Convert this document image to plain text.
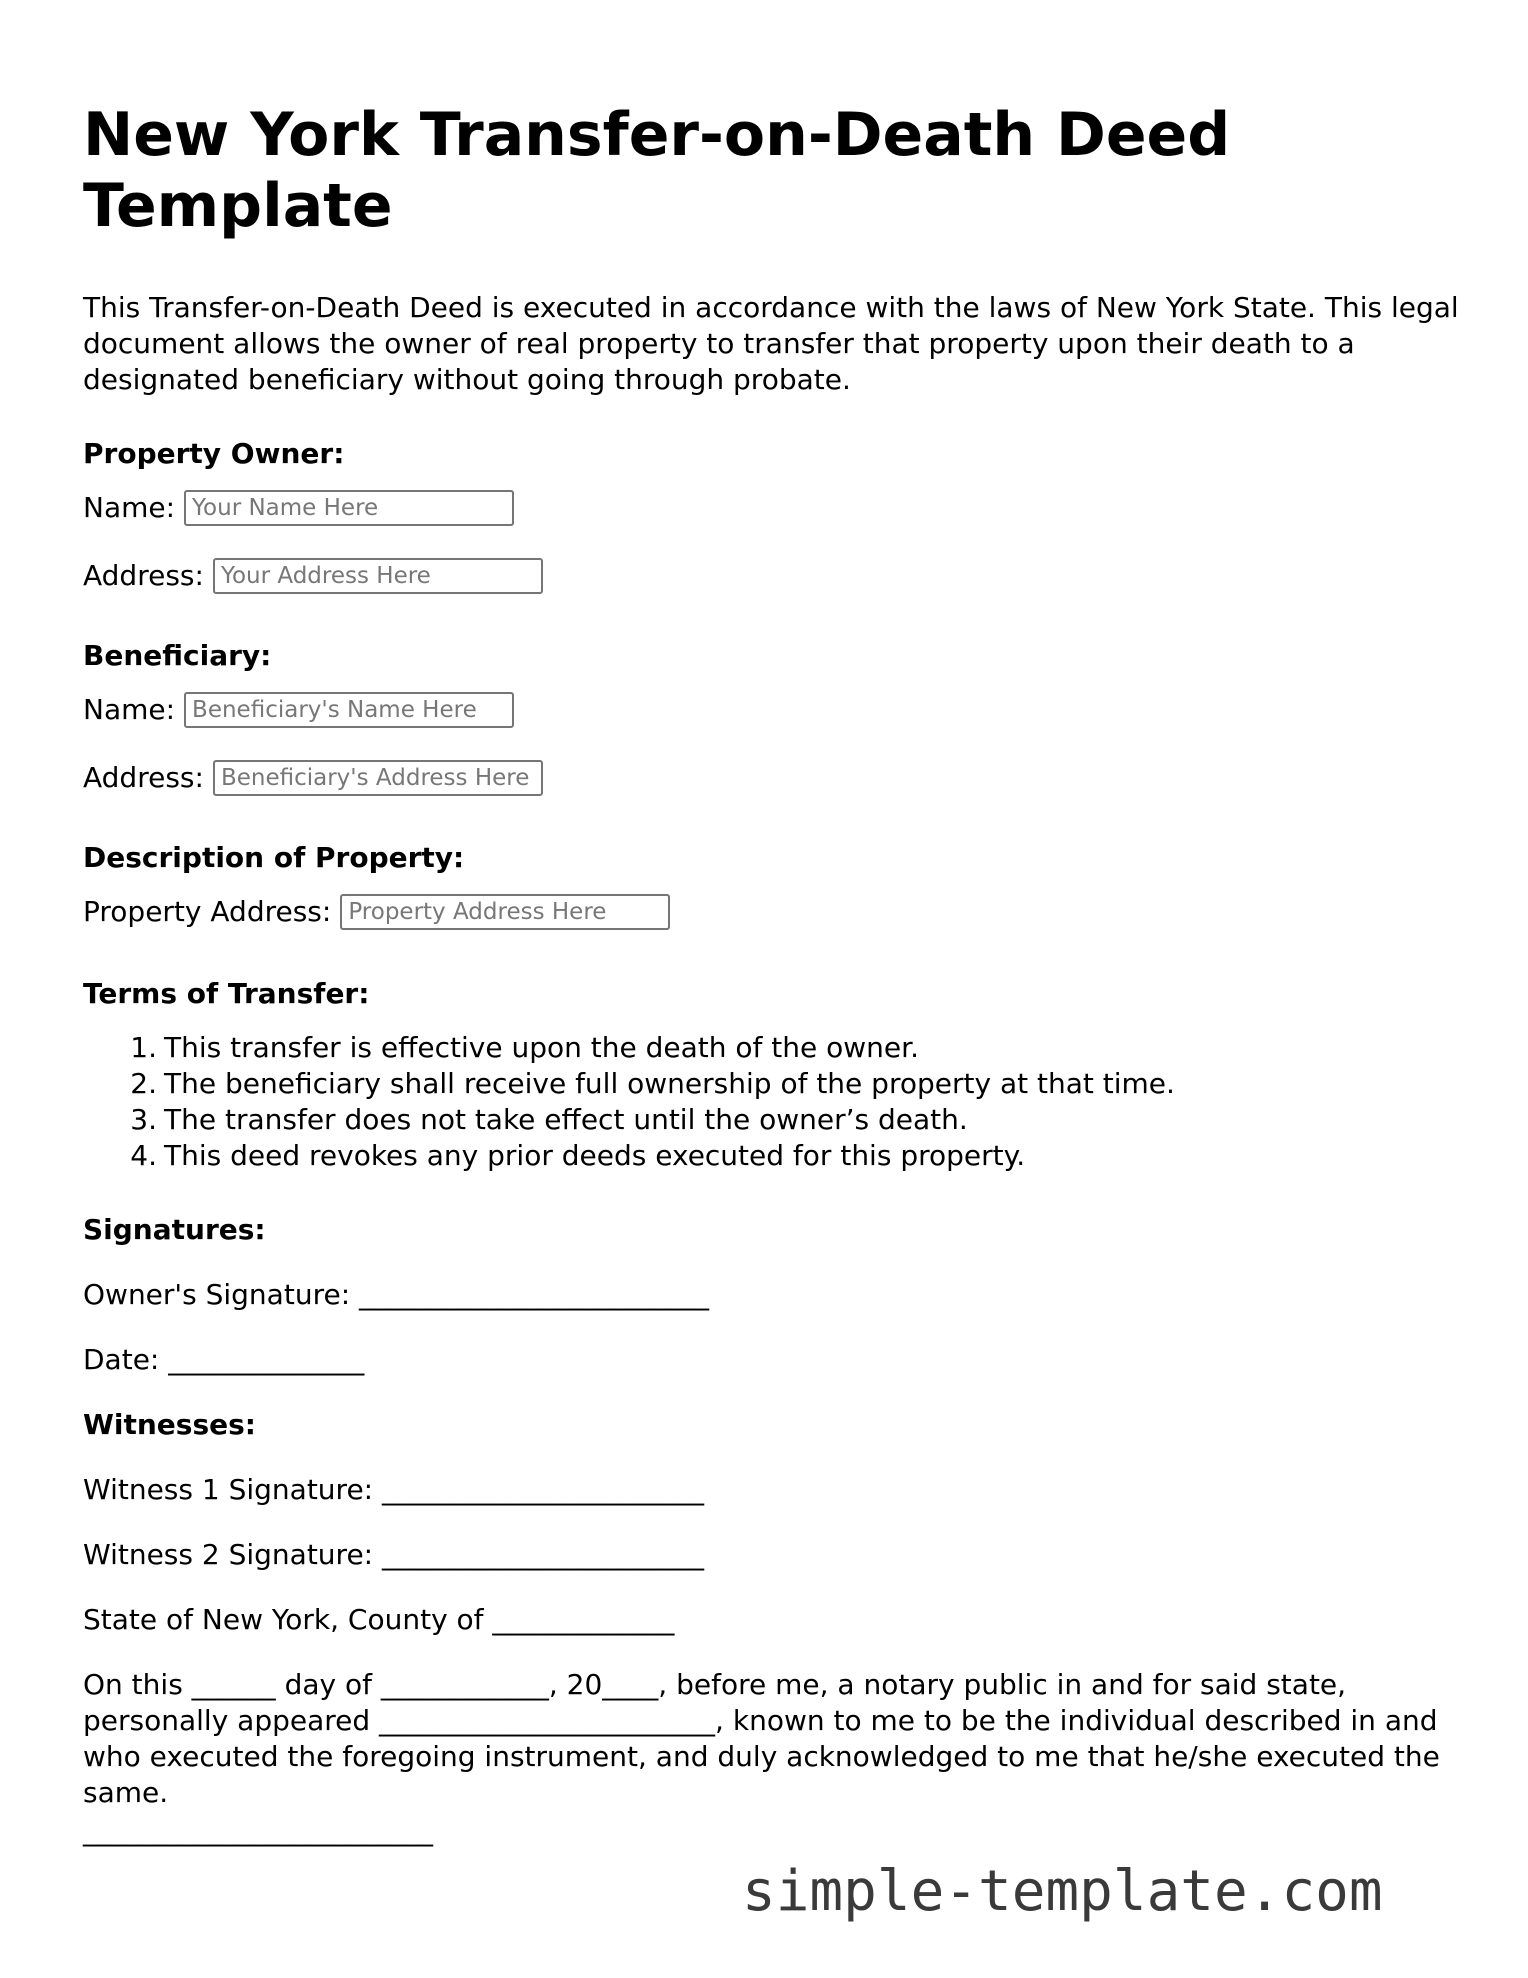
New York Transfer-on-Death Deed Template

This Transfer-on-Death Deed is executed in accordance with the laws of New York State. This legal document allows the owner of real property to transfer that property upon their death to a designated beneficiary without going through probate.

Property Owner:

Name:
Your Name Here
Address:
Your Address Here

Beneficiary:

Name:
Beneficiary's Name Here
Address:
Beneficiary's Address Here

Description of Property:

Property Address:
Property Address Here

Terms of Transfer:

1. This transfer is effective upon the death of the owner.
2. The beneficiary shall receive full ownership of the property at that time.
3. The transfer does not take effect until the owner’s death.
4. This deed revokes any prior deeds executed for this property.

Signatures:

Owner's Signature: _________________________

Date: ______________

Witnesses:

Witness 1 Signature: _______________________

Witness 2 Signature: _______________________

State of New York, County of _____________

On this ______ day of ____________, 20____, before me, a notary public in and for said state, personally appeared ________________________, known to me to be the individual described in and who executed the foregoing instrument, and duly acknowledged to me that he/she executed the same.

_________________________

simple-template.com
